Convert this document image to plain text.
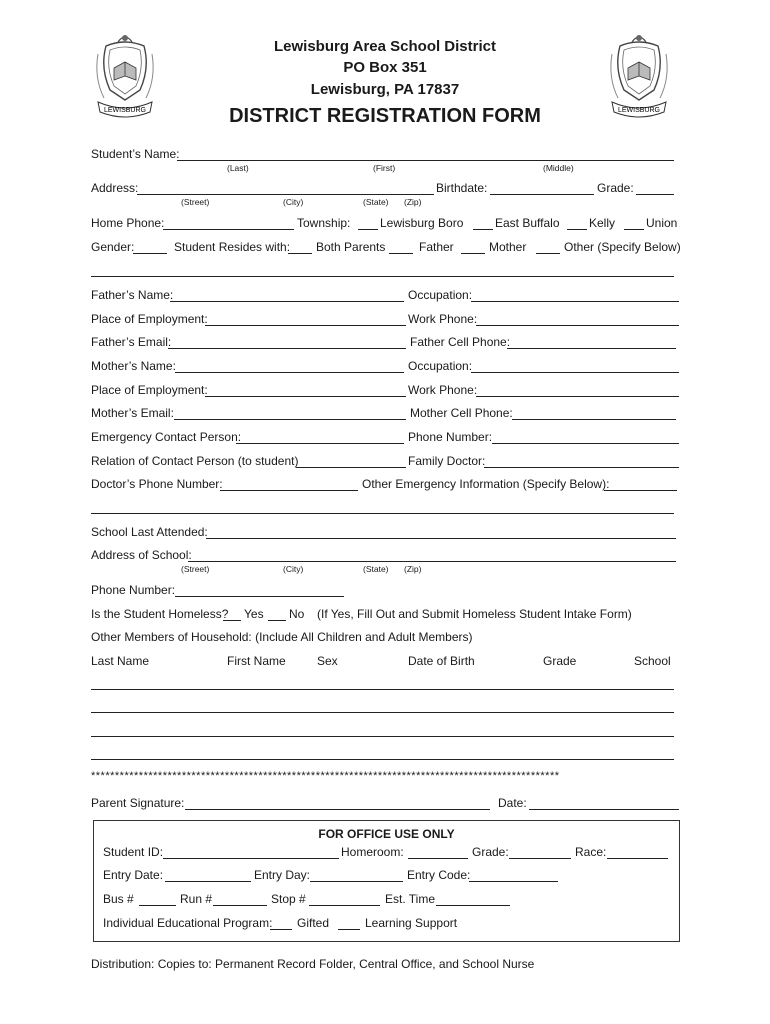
LEWISBURG	LEWISBURG
Lewisburg Area School District
PO Box 351
Lewisburg, PA 17837
DISTRICT REGISTRATION FORM
Student’s Name:
(Last)	(First)	(Middle)
Address:	Birthdate:	Grade:
(Street)	(City)	(State) (Zip)
Home Phone:	Township: Lewisburg Boro	East Buffalo Kelly	Union
Gender:	Student Resides with: Both Parents	Father	Mother	Other (Specify Below)
Father’s Name:	Occupation:
Place of Employment:	Work Phone:
Father’s Email:	Father Cell Phone:
Mother’s Name:	Occupation:
Place of Employment:	Work Phone:
Mother’s Email:	Mother Cell Phone:
Emergency Contact Person:	Phone Number:
Relation of Contact Person (to student)	Family Doctor:
Doctor’s Phone Number:	Other Emergency Information (Specify Below):
School Last Attended:
Address of School:
(Street)	(City)	(State) (Zip)
Phone Number:
Is the Student Homeless? Yes No (If Yes, Fill Out and Submit Homeless Student Intake Form)
Other Members of Household: (Include All Children and Adult Members)
Last Name	First Name	Sex	Date of Birth	Grade	School
**************************************************************************************************
Parent Signature:	Date:
FOR OFFICE USE ONLY
Student ID:	Homeroom:	Grade:	Race:
Entry Date:	Entry Day:	Entry Code:
Bus #	Run #	Stop #	Est. Time
Individual Educational Program: Gifted	Learning Support
Distribution: Copies to: Permanent Record Folder, Central Office, and School Nurse
